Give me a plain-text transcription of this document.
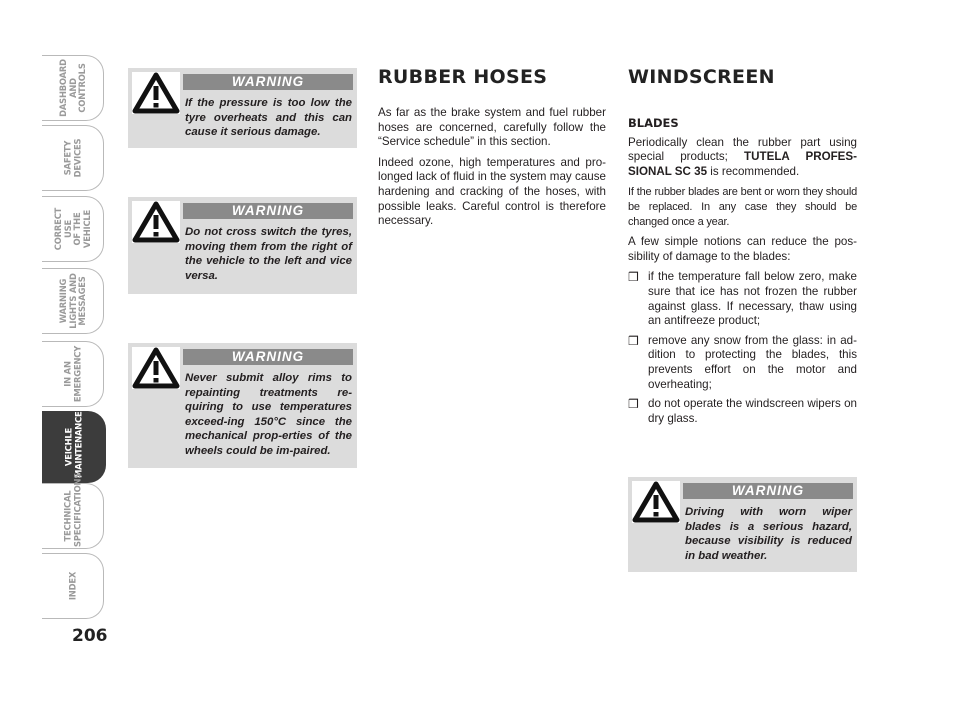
DASHBOARD
AND CONTROLS
SAFETY
DEVICES
CORRECT USE
OF THE VEHICLE
WARNING
LIGHTS AND
MESSAGES
IN AN
EMERGENCY
VEICHLE
MAINTENANCE
TECHNICAL
SPECIFICATIONS
INDEX
206
WARNING
If the pressure is too low the tyre overheats and this can cause it serious damage.
WARNING
Do not cross switch the tyres, moving them from the right of the vehicle to the left and vice versa.
WARNING
Never submit alloy rims to repainting treatments re-quiring to use temperatures exceed-ing 150°C since the mechanical prop-erties of the wheels could be im-paired.
RUBBER HOSES

As far as the brake system and fuel rubber hoses are concerned, carefully follow the “Service schedule” in this section.

Indeed ozone, high temperatures and pro-longed lack of fluid in the system may cause hardening and cracking of the hoses, with possible leaks. Careful control is therefore necessary.

WINDSCREEN
BLADES

Periodically clean the rubber part using special products; TUTELA PROFES-SIONAL SC 35 is recommended.

If the rubber blades are bent or worn they should be replaced. In any case they should be changed once a year.

A few simple notions can reduce the pos-sibility of damage to the blades:

❒ if the temperature fall below zero, make sure that ice has not frozen the rubber against glass. If necessary, thaw using an antifreeze product;
❒ remove any snow from the glass: in ad-dition to protecting the blades, this prevents effort on the motor and overheating;
❒ do not operate the windscreen wipers on dry glass.
WARNING
Driving with worn wiper blades is a serious hazard, because visibility is reduced in bad weather.
